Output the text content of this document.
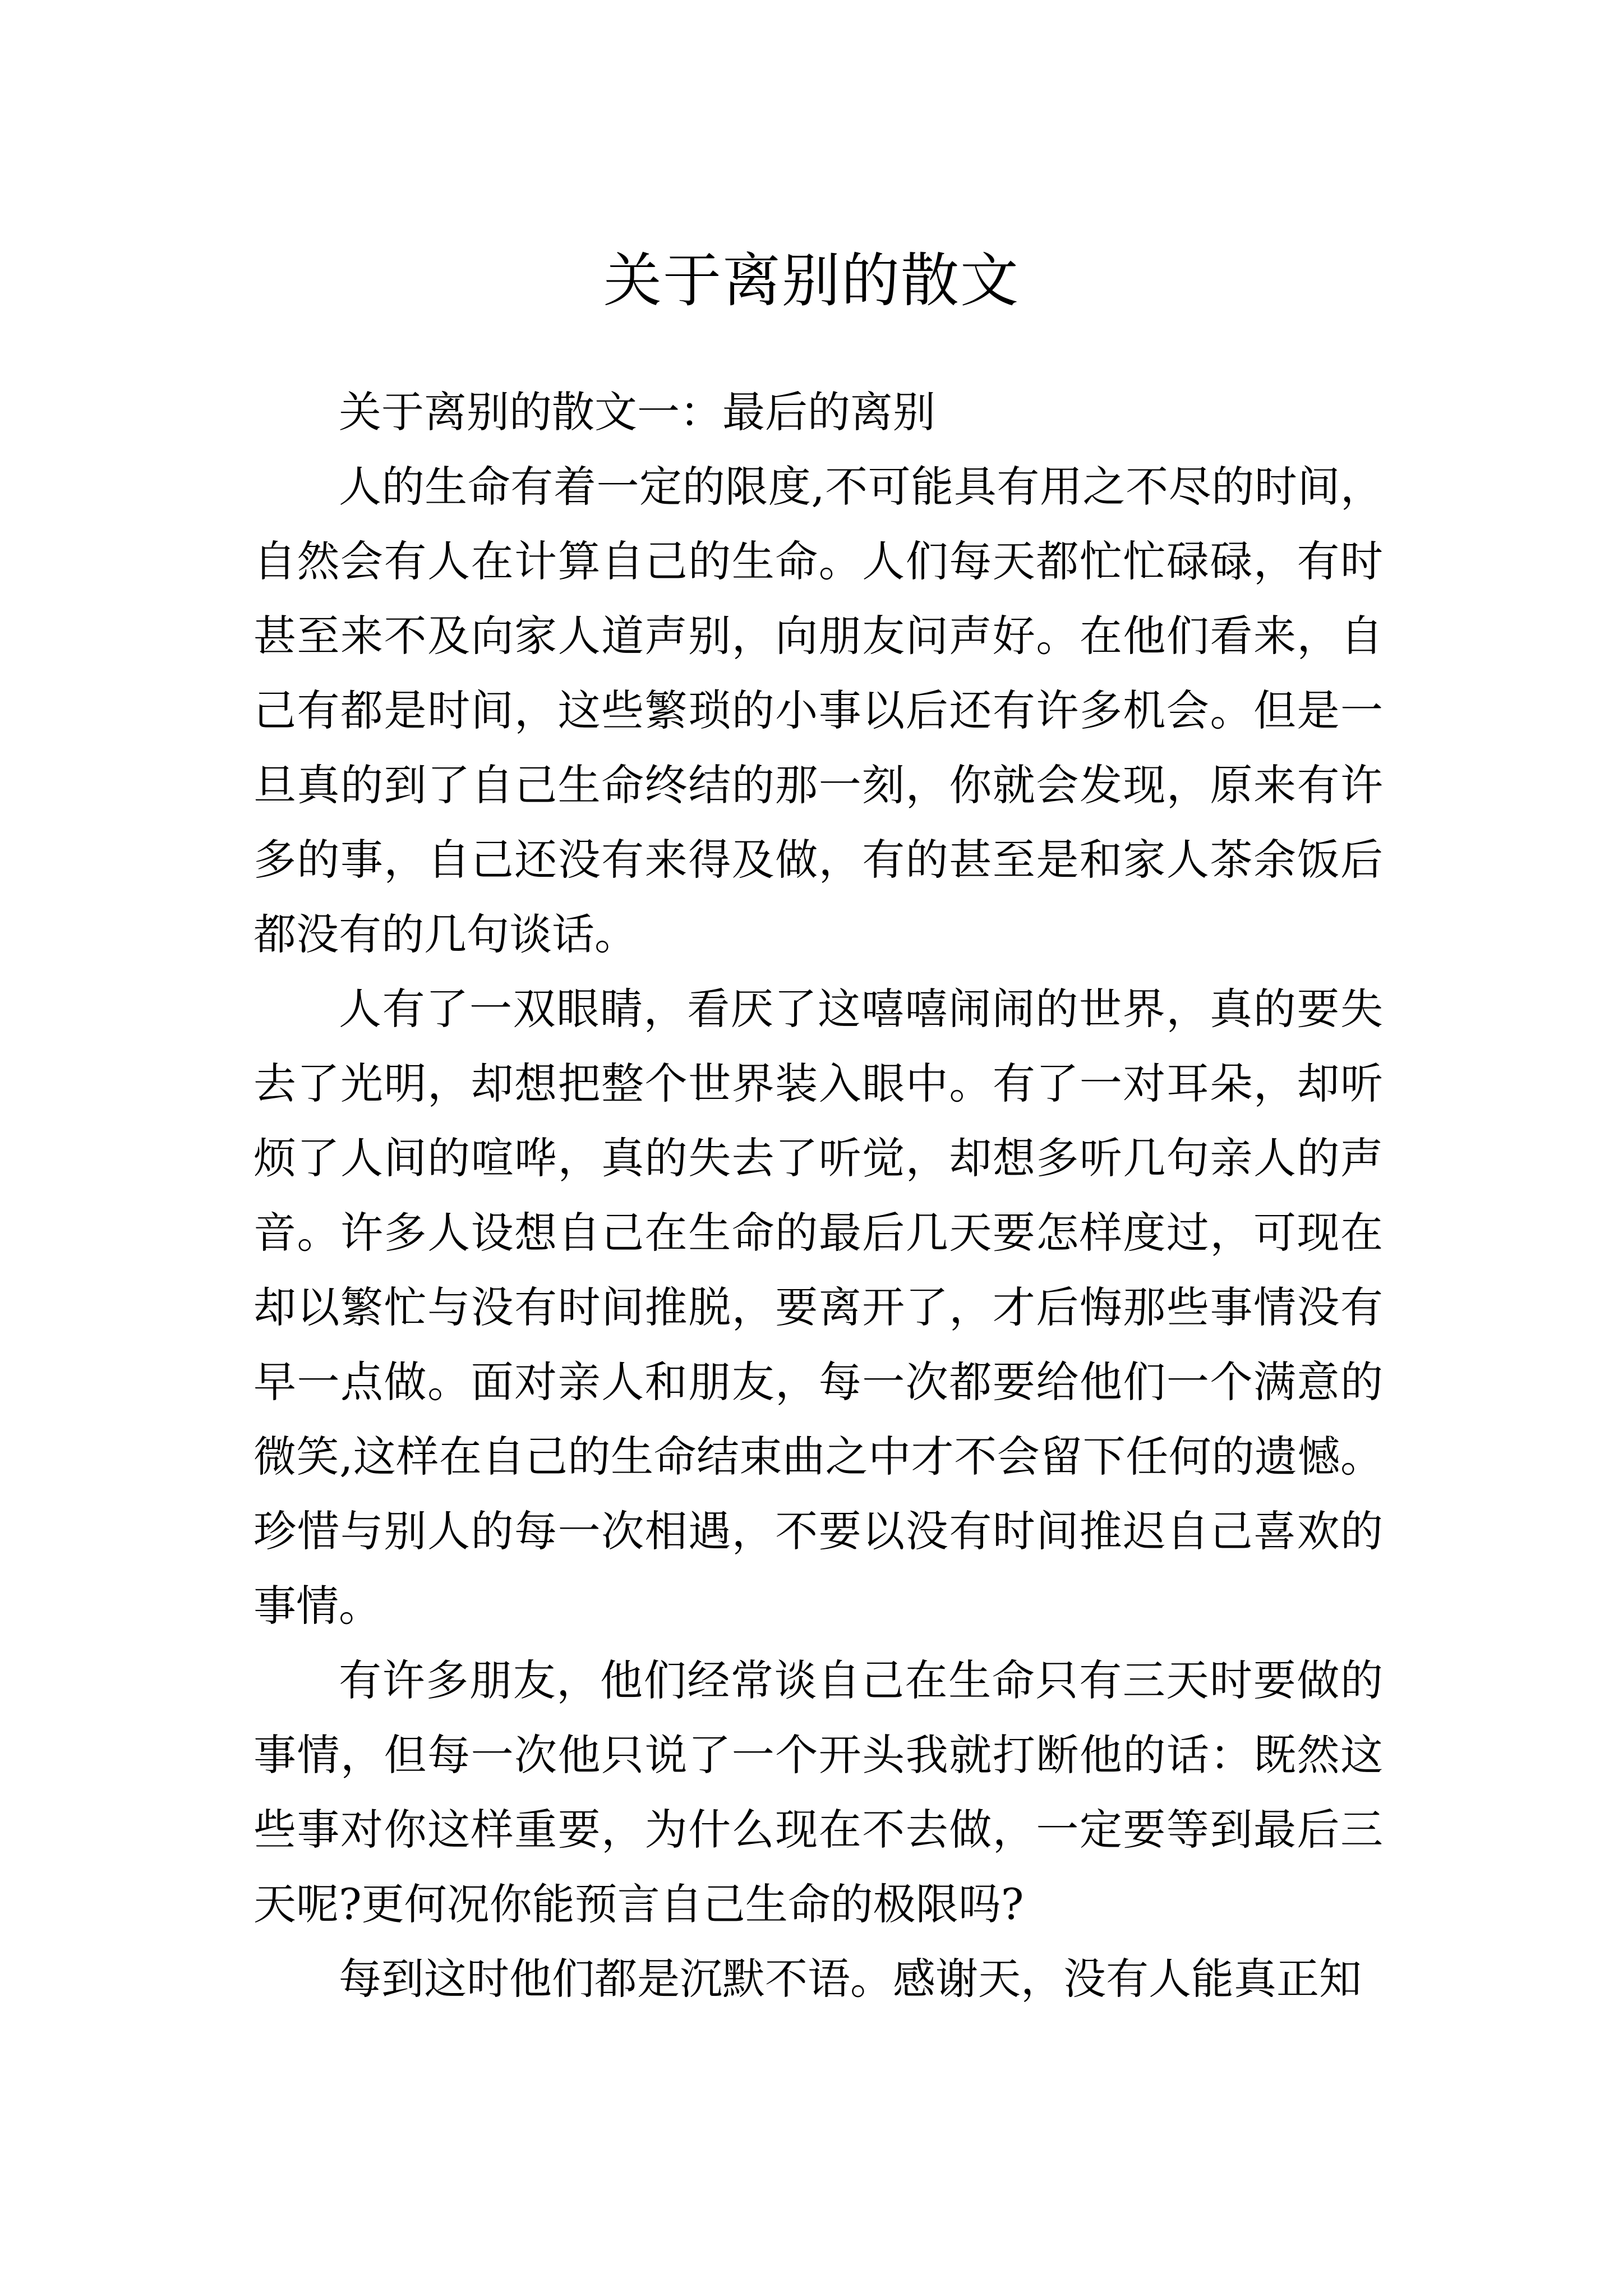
关于离别的散文

关于离别的散文一：最后的离别

人的生命有着一定的限度,不可能具有用之不尽的时间，自然会有人在计算自己的生命。人们每天都忙忙碌碌，有时甚至来不及向家人道声别，向朋友问声好。在他们看来，自己有都是时间，这些繁琐的小事以后还有许多机会。但是一旦真的到了自己生命终结的那一刻，你就会发现，原来有许多的事，自己还没有来得及做，有的甚至是和家人茶余饭后都没有的几句谈话。

人有了一双眼睛，看厌了这嘻嘻闹闹的世界，真的要失去了光明，却想把整个世界装入眼中。有了一对耳朵，却听烦了人间的喧哗，真的失去了听觉，却想多听几句亲人的声音。许多人设想自己在生命的最后几天要怎样度过，可现在却以繁忙与没有时间推脱，要离开了，才后悔那些事情没有早一点做。面对亲人和朋友，每一次都要给他们一个满意的微笑,这样在自己的生命结束曲之中才不会留下任何的遗憾。珍惜与别人的每一次相遇，不要以没有时间推迟自己喜欢的事情。

有许多朋友，他们经常谈自己在生命只有三天时要做的事情，但每一次他只说了一个开头我就打断他的话：既然这些事对你这样重要，为什么现在不去做，一定要等到最后三天呢?更何况你能预言自己生命的极限吗?

每到这时他们都是沉默不语。感谢天，没有人能真正知
